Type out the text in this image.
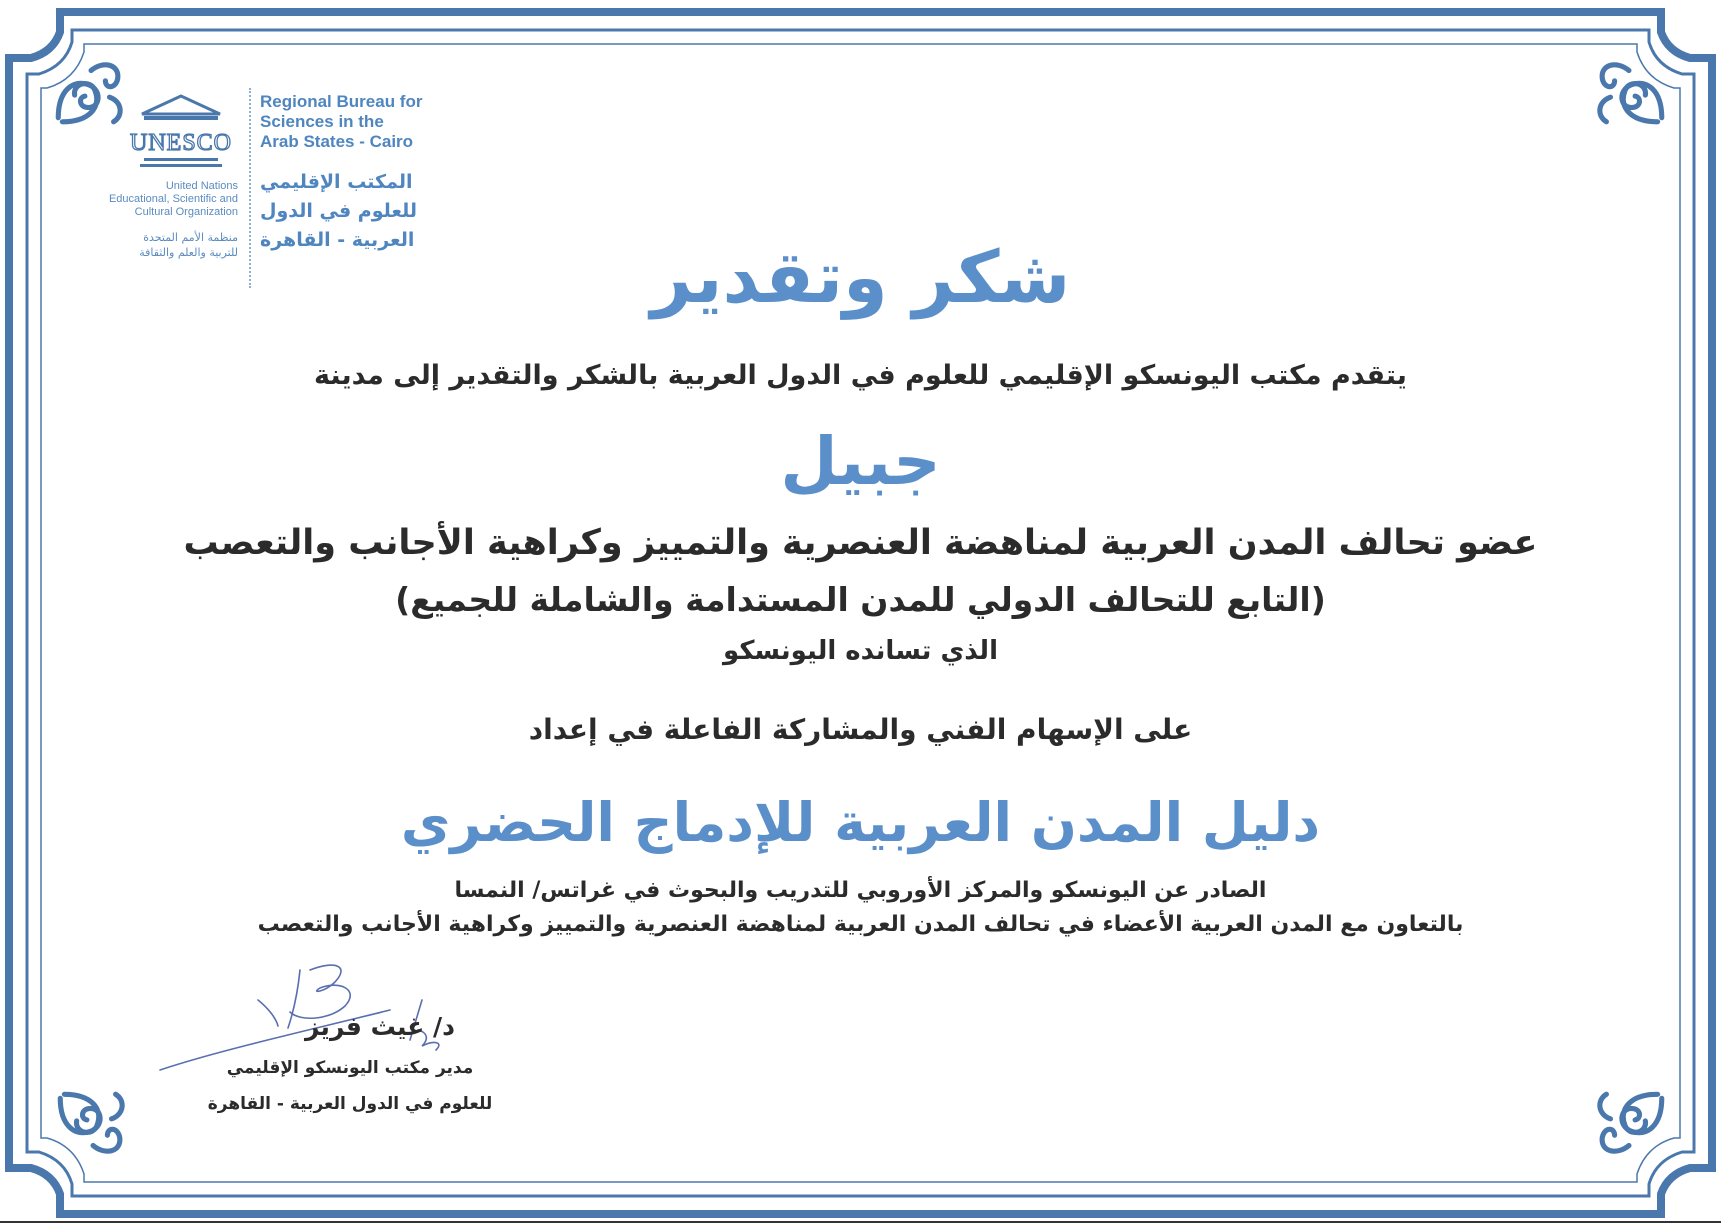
UNESCO
United Nations
Educational, Scientific and
Cultural Organization
منظمة الأمم المتحدة
للتربية والعلم والثقافة
Regional Bureau for
Sciences in the
Arab States - Cairo
المكتب الإقليمي
للعلوم في الدول
العربية - القاهرة	شكر وتقدير
يتقدم مكتب اليونسكو الإقليمي للعلوم في الدول العربية بالشكر والتقدير إلى مدينة
جبيل
عضو تحالف المدن العربية لمناهضة العنصرية والتمييز وكراهية الأجانب والتعصب
(التابع للتحالف الدولي للمدن المستدامة والشاملة للجميع)
الذي تسانده اليونسكو
على الإسهام الفني والمشاركة الفاعلة في إعداد
دليل المدن العربية للإدماج الحضري
الصادر عن اليونسكو والمركز الأوروبي للتدريب والبحوث في غراتس/ النمسا
بالتعاون مع المدن العربية الأعضاء في تحالف المدن العربية لمناهضة العنصرية والتمييز وكراهية الأجانب والتعصب
د/ غيث فريز
مدير مكتب اليونسكو الإقليمي
للعلوم في الدول العربية - القاهرة
